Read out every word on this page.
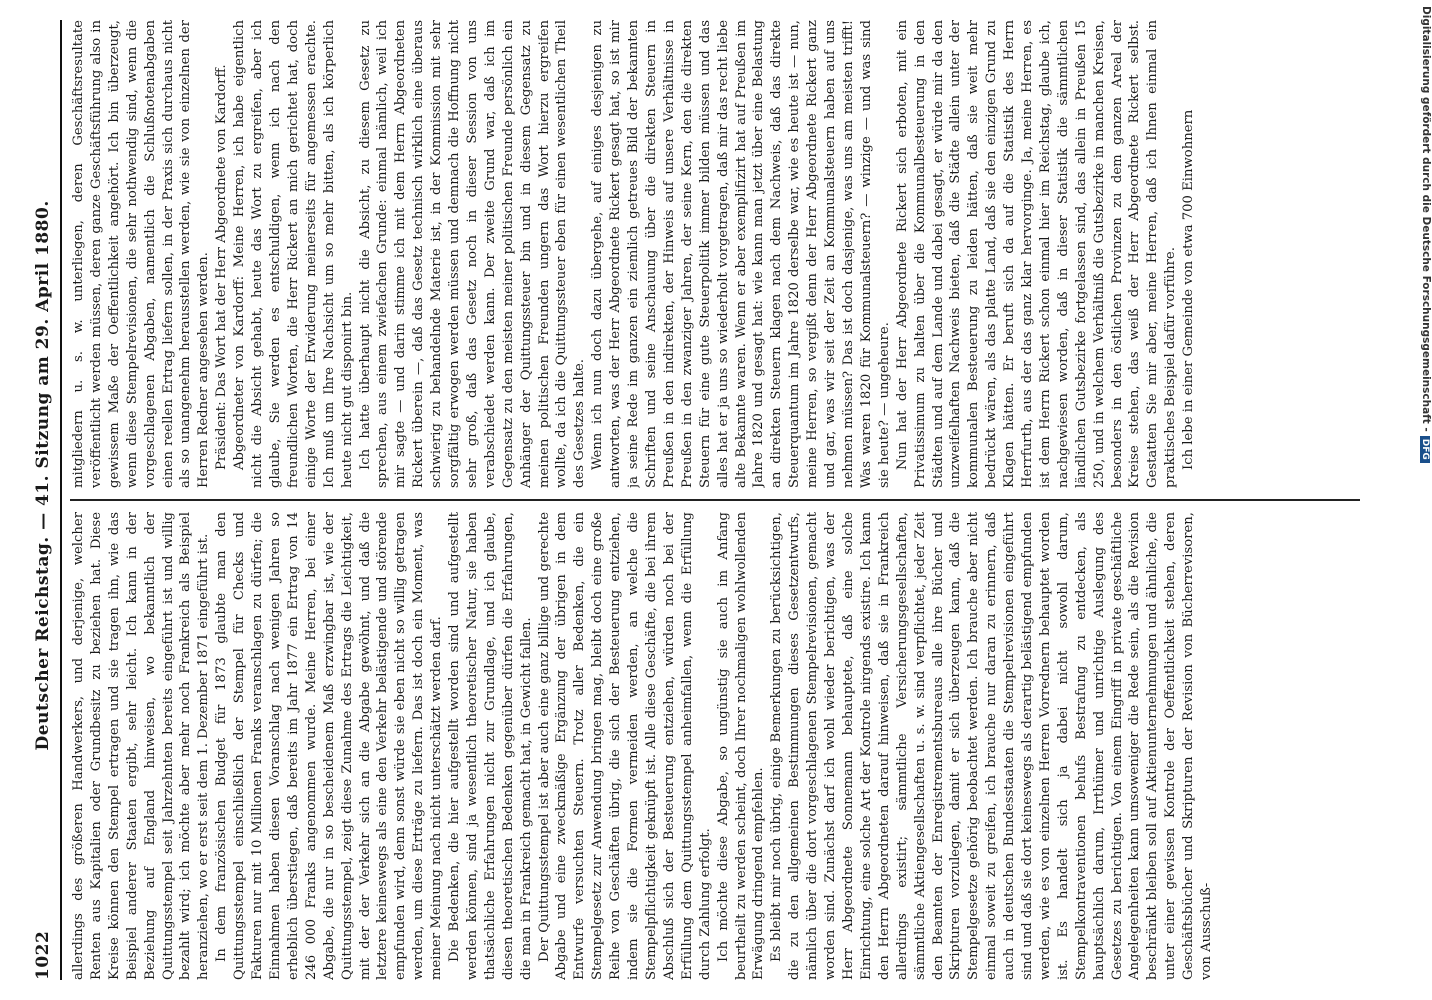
1022
Deutscher Reichstag. — 41. Sitzung am 29. April 1880. allerdings des größeren Handwerkers, und derjenige, welcher Renten aus Kapitalien oder Grundbesitz zu beziehen hat. Diese Kreise können den Stempel ertragen und sie tragen ihn, wie das Beispiel anderer Staaten ergibt, sehr leicht. Ich kann in der Beziehung auf England hinweisen, wo bekanntlich der Quittungsstempel seit Jahrzehnten bereits eingeführt ist und willig bezahlt wird; ich möchte aber mehr noch Frankreich als Beispiel heranziehen, wo er erst seit dem 1. Dezember 1871 eingeführt ist. In dem französischen Budget für 1873 glaubte man den Quittungsstempel einschließlich der Stempel für Checks und Fakturen nur mit 10 Millionen Franks veranschlagen zu dürfen; die Einnahmen haben diesen Voranschlag nach wenigen Jahren so erheblich überstiegen, daß bereits im Jahr 1877 ein Ertrag von 14 246 000 Franks angenommen wurde. Meine Herren, bei einer Abgabe, die nur in so bescheidenem Maß erzwingbar ist, wie der Quittungsstempel, zeigt diese Zunahme des Ertrags die Leichtigkeit, mit der der Verkehr sich an die Abgabe gewöhnt, und daß die letztere keineswegs als eine den Verkehr belästigende und störende empfunden wird, denn sonst würde sie eben nicht so willig getragen werden, um diese Erträge zu liefern. Das ist doch ein Moment, was meiner Meinung nach nicht unterschätzt werden darf. Die Bedenken, die hier aufgestellt worden sind und aufgestellt werden können, sind ja wesentlich theoretischer Natur, sie haben thatsächliche Erfahrungen nicht zur Grundlage, und ich glaube, diesen theoretischen Bedenken gegenüber dürfen die Erfahrungen, die man in Frankreich gemacht hat, in Gewicht fallen. Der Quittungsstempel ist aber auch eine ganz billige und gerechte Abgabe und eine zweckmäßige Ergänzung der übrigen in dem Entwurfe versuchten Steuern. Trotz aller Bedenken, die ein Stempelgesetz zur Anwendung bringen mag, bleibt doch eine große Reihe von Geschäften übrig, die sich der Besteuerung entziehen, indem sie die Formen vermeiden werden, an welche die Stempelpflichtigkeit geknüpft ist. Alle diese Geschäfte, die bei ihrem Abschluß sich der Besteuerung entziehen, würden noch bei der Erfüllung dem Quittungsstempel anheimfallen, wenn die Erfüllung durch Zahlung erfolgt. Ich möchte diese Abgabe, so ungünstig sie auch im Anfang beurtheilt zu werden scheint, doch Ihrer nochmaligen wohlwollenden Erwägung dringend empfehlen. Es bleibt mir noch übrig, einige Bemerkungen zu berücksichtigen, die zu den allgemeinen Bestimmungen dieses Gesetzentwurfs, nämlich über die dort vorgeschlagenen Stempelrevisionen, gemacht worden sind. Zunächst darf ich wohl wieder berichtigen, was der Herr Abgeordnete Sonnemann behauptete, daß eine solche Einrichtung, eine solche Art der Kontrole nirgends existire. Ich kann den Herrn Abgeordneten darauf hinweisen, daß sie in Frankreich allerdings existirt; sämmtliche Versicherungsgesellschaften, sämmtliche Aktiengesellschaften u. s. w. sind verpflichtet, jeder Zeit den Beamten der Enregistrementsbureaus alle ihre Bücher und Skripturen vorzulegen, damit er sich überzeugen kann, daß die Stempelgesetze gehörig beobachtet werden. Ich brauche aber nicht einmal soweit zu greifen, ich brauche nur daran zu erinnern, daß auch in deutschen Bundesstaaten die Stempelrevisionen eingeführt sind und daß sie dort keineswegs als derartig belästigend empfunden werden, wie es von einzelnen Herren Vorrednern behauptet worden ist. Es handelt sich ja dabei nicht sowohl darum, Stempelkontraventionen behufs Bestrafung zu entdecken, als hauptsächlich darum, Irrthümer und unrichtige Auslegung des Gesetzes zu berichtigen. Von einem Eingriff in private geschäftliche Angelegenheiten kann umsoweniger die Rede sein, als die Revision beschränkt bleiben soll auf Aktienunternehmungen und ähnliche, die unter einer gewissen Kontrole der Oeffentlichkeit stehen, deren Geschäftsbücher und Skripturen der Revision von Bücherrevisoren, von Ausschuß-

mitgliedern u. s. w. unterliegen, deren Geschäftsresultate veröffentlicht werden müssen, deren ganze Geschäftsführung also in gewissem Maße der Oeffentlichkeit angehört. Ich bin überzeugt, wenn diese Stempelrevisionen, die sehr nothwendig sind, wenn die vorgeschlagenen Abgaben, namentlich die Schlußnotenabgaben einen reellen Ertrag liefern sollen, in der Praxis sich durchaus nicht als so unangenehm herausstellen werden, wie sie von einzelnen der Herren Redner angesehen werden. Präsident: Das Wort hat der Herr Abgeordnete von Kardorff. Abgeordneter von Kardorff: Meine Herren, ich habe eigentlich nicht die Absicht gehabt, heute das Wort zu ergreifen, aber ich glaube, Sie werden es entschuldigen, wenn ich nach den freundlichen Worten, die Herr Rickert an mich gerichtet hat, doch einige Worte der Erwiderung meinerseits für angemessen erachte. Ich muß um Ihre Nachsicht um so mehr bitten, als ich körperlich heute nicht gut disponirt bin. Ich hatte überhaupt nicht die Absicht, zu diesem Gesetz zu sprechen, aus einem zwiefachen Grunde: einmal nämlich, weil ich mir sagte — und darin stimme ich mit dem Herrn Abgeordneten Rickert überein —, daß das Gesetz technisch wirklich eine überaus schwierig zu behandelnde Materie ist, in der Kommission mit sehr sorgfältig erwogen werden müssen und demnach die Hoffnung nicht sehr groß, daß das Gesetz noch in dieser Session von uns verabschiedet werden kann. Der zweite Grund war, daß ich im Gegensatz zu den meisten meiner politischen Freunde persönlich ein Anhänger der Quittungssteuer bin und in diesem Gegensatz zu meinen politischen Freunden ungern das Wort hierzu ergreifen wollte, da ich die Quittungssteuer eben für einen wesentlichen Theil des Gesetzes halte. Wenn ich nun doch dazu übergehe, auf einiges desjenigen zu antworten, was der Herr Abgeordnete Rickert gesagt hat, so ist mir ja seine Rede im ganzen ein ziemlich getreues Bild der bekannten Schriften und seine Anschauung über die direkten Steuern in Preußen in den indirekten, der Hinweis auf unsere Verhältnisse in Preußen in den zwanziger Jahren, der seine Kern, den die direkten Steuern für eine gute Steuerpolitik immer bilden müssen und das alles hat er ja uns so wiederholt vorgetragen, daß mir das recht liebe alte Bekannte waren. Wenn er aber exemplifizirt hat auf Preußen im Jahre 1820 und gesagt hat: wie kann man jetzt über eine Belastung an direkten Steuern klagen nach dem Nachweis, daß das direkte Steuerquantum im Jahre 1820 derselbe war, wie es heute ist — nun, meine Herren, so vergißt denn der Herr Abgeordnete Rickert ganz und gar, was wir seit der Zeit an Kommunalsteuern haben auf uns nehmen müssen? Das ist doch dasjenige, was uns am meisten trifft! Was waren 1820 für Kommunalsteuern? — winzige — und was sind sie heute? — ungeheure. Nun hat der Herr Abgeordnete Rickert sich erboten, mit ein Privatissimum zu halten über die Kommunalbesteuerung in den Städten und auf dem Lande und dabei gesagt, er würde mir da den unzweifelhaften Nachweis bieten, daß die Städte allein unter der kommunalen Besteuerung zu leiden hätten, daß sie weit mehr bedrückt wären, als das platte Land, daß sie den einzigen Grund zu Klagen hätten. Er beruft sich da auf die Statistik des Herrn Herrfurth, aus der das ganz klar hervorginge. Ja, meine Herren, es ist dem Herrn Rickert schon einmal hier im Reichstag, glaube ich, nachgewiesen worden, daß in dieser Statistik die sämmtlichen ländlichen Gutsbezirke fortgelassen sind, das allein in Preußen 15 250, und in welchem Verhältniß die Gutsbezirke in manchen Kreisen, besonders in den östlichen Provinzen zu dem ganzen Areal der Kreise stehen, das weiß der Herr Abgeordnete Rickert selbst. Gestatten Sie mir aber, meine Herren, daß ich Ihnen einmal ein praktisches Beispiel dafür vorführe. Ich lebe in einer Gemeinde von etwa 700 Einwohnern	Digitalisierung gefördert durch die Deutsche Forschungsgemeinschaft -DFG
